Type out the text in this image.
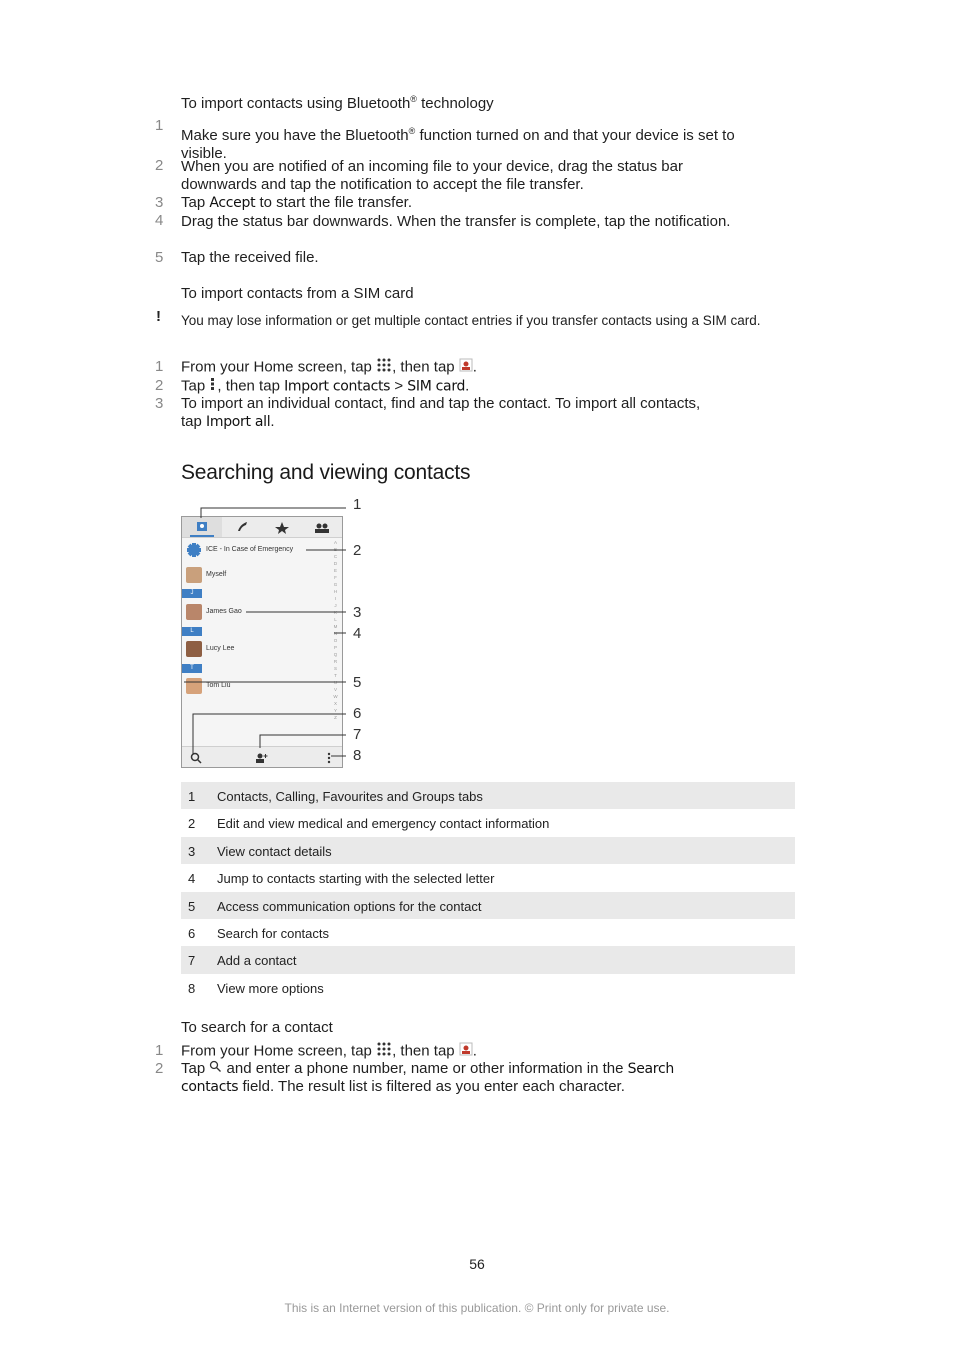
To import contacts using Bluetooth® technology
1
Make sure you have the Bluetooth® function turned on and that your device is set to visible.
2 When you are notified of an incoming file to your device, drag the status bar downwards and tap the notification to accept the file transfer.
3 Tap Accept to start the file transfer.
4 Drag the status bar downwards. When the transfer is complete, tap the notification.
5 Tap the received file.
To import contacts from a SIM card
! You may lose information or get multiple contact entries if you transfer contacts using a SIM card.
1 From your Home screen, tap , then tap .
2 Tap , then tap Import contacts > SIM card.
3 To import an individual contact, find and tap the contact. To import all contacts, tap Import all.
Searching and viewing contacts
ICE - In Case of Emergency
Myself
J
James Gao
L
Lucy Lee
T
Tom Liu
A
B
C
D
E
F
G
H
I
J
K
L
M
N
O
P
Q
R
S
T
U
V
W
X
Y
Z
1
2
3
4
5
6
7
8
1 Contacts, Calling, Favourites and Groups tabs
2 Edit and view medical and emergency contact information
3 View contact details
4 Jump to contacts starting with the selected letter
5 Access communication options for the contact
6 Search for contacts
7 Add a contact
8 View more options
To search for a contact
1 From your Home screen, tap , then tap .
2 Tap  and enter a phone number, name or other information in the Search contacts field. The result list is filtered as you enter each character.
56
This is an Internet version of this publication. © Print only for private use.
